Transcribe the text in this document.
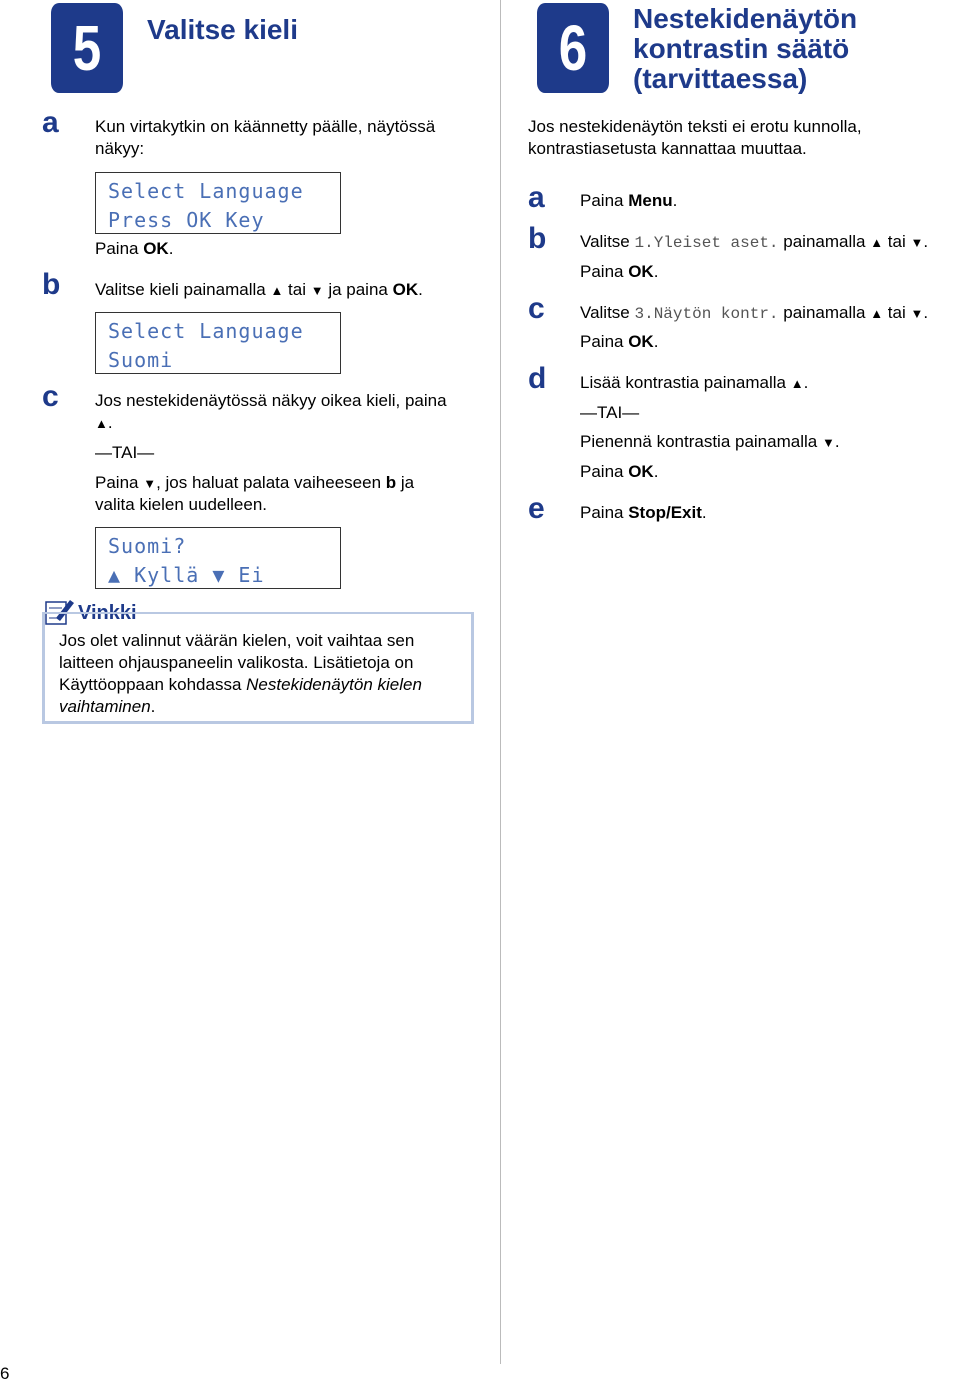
5	Valitse kieli
a Kun virtakytkin on käännetty päälle, näytössä näkyy:
Select Language
Press OK Key
Paina OK.
b Valitse kieli painamalla ▲ tai ▼ ja paina OK.
Select Language
Suomi
c Jos nestekidenäytössä näkyy oikea kieli, paina
▲.
—TAI—
Paina ▼, jos haluat palata vaiheeseen b ja
valita kielen uudelleen.
Suomi?
▲ Kyllä ▼ Ei
Vinkki
Jos olet valinnut väärän kielen, voit vaihtaa sen
laitteen ohjauspaneelin valikosta. Lisätietoja on
Käyttöoppaan kohdassa Nestekidenäytön kielen
vaihtaminen.
6	Nestekidenäytön
kontrastin säätö
(tarvittaessa)
Jos nestekidenäytön teksti ei erotu kunnolla,
kontrastiasetusta kannattaa muuttaa.
a Paina Menu.
b Valitse 1.Yleiset aset. painamalla ▲ tai ▼.
Paina OK.
c Valitse 3.Näytön kontr. painamalla ▲ tai ▼.
Paina OK.
d Lisää kontrastia painamalla ▲.
—TAI—
Pienennä kontrastia painamalla ▼.
Paina OK.
e Paina Stop/Exit.
6
